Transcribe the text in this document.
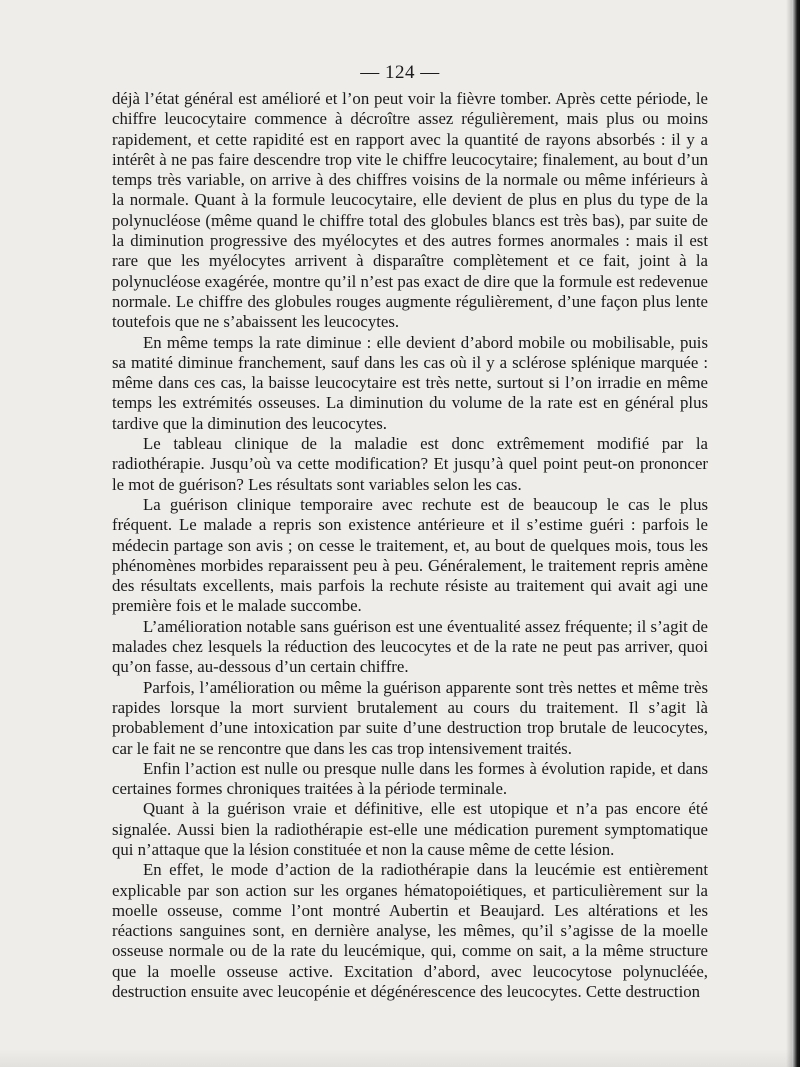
— 124 —

déjà l’état général est amélioré et l’on peut voir la fièvre tomber. Après cette période, le chiffre leucocytaire commence à décroître assez régulièrement, mais plus ou moins rapidement, et cette rapidité est en rapport avec la quantité de rayons absorbés : il y a intérêt à ne pas faire descendre trop vite le chiffre leucocytaire; finalement, au bout d’un temps très variable, on arrive à des chiffres voisins de la normale ou même inférieurs à la normale. Quant à la formule leucocytaire, elle devient de plus en plus du type de la polynucléose (même quand le chiffre total des globules blancs est très bas), par suite de la diminution progressive des myélocytes et des autres formes anormales : mais il est rare que les myélocytes arrivent à disparaître complètement et ce fait, joint à la polynucléose exagérée, montre qu’il n’est pas exact de dire que la formule est redevenue normale. Le chiffre des globules rouges augmente régulièrement, d’une façon plus lente toutefois que ne s’abaissent les leucocytes.

En même temps la rate diminue : elle devient d’abord mobile ou mobilisable, puis sa matité diminue franchement, sauf dans les cas où il y a sclérose splénique marquée : même dans ces cas, la baisse leucocytaire est très nette, surtout si l’on irradie en même temps les extrémités osseuses. La diminution du volume de la rate est en général plus tardive que la diminution des leucocytes.

Le tableau clinique de la maladie est donc extrêmement modifié par la radiothérapie. Jusqu’où va cette modification? Et jusqu’à quel point peut-on prononcer le mot de guérison? Les résultats sont variables selon les cas.

La guérison clinique temporaire avec rechute est de beaucoup le cas le plus fréquent. Le malade a repris son existence antérieure et il s’estime guéri : parfois le médecin partage son avis ; on cesse le traitement, et, au bout de quelques mois, tous les phénomènes morbides reparaissent peu à peu. Généralement, le traitement repris amène des résultats excellents, mais parfois la rechute résiste au traitement qui avait agi une première fois et le malade succombe.

L’amélioration notable sans guérison est une éventualité assez fréquente; il s’agit de malades chez lesquels la réduction des leucocytes et de la rate ne peut pas arriver, quoi qu’on fasse, au-dessous d’un certain chiffre.

Parfois, l’amélioration ou même la guérison apparente sont très nettes et même très rapides lorsque la mort survient brutalement au cours du traitement. Il s’agit là probablement d’une intoxication par suite d’une destruction trop brutale de leucocytes, car le fait ne se rencontre que dans les cas trop intensivement traités.

Enfin l’action est nulle ou presque nulle dans les formes à évolution rapide, et dans certaines formes chroniques traitées à la période terminale.

Quant à la guérison vraie et définitive, elle est utopique et n’a pas encore été signalée. Aussi bien la radiothérapie est-elle une médication purement symptomatique qui n’attaque que la lésion constituée et non la cause même de cette lésion.

En effet, le mode d’action de la radiothérapie dans la leucémie est entièrement explicable par son action sur les organes hématopoiétiques, et particulièrement sur la moelle osseuse, comme l’ont montré Aubertin et Beaujard. Les altérations et les réactions sanguines sont, en dernière analyse, les mêmes, qu’il s’agisse de la moelle osseuse normale ou de la rate du leucémique, qui, comme on sait, a la même structure que la moelle osseuse active. Excitation d’abord, avec leucocytose polynucléée, destruction ensuite avec leucopénie et dégénérescence des leucocytes. Cette destruction
